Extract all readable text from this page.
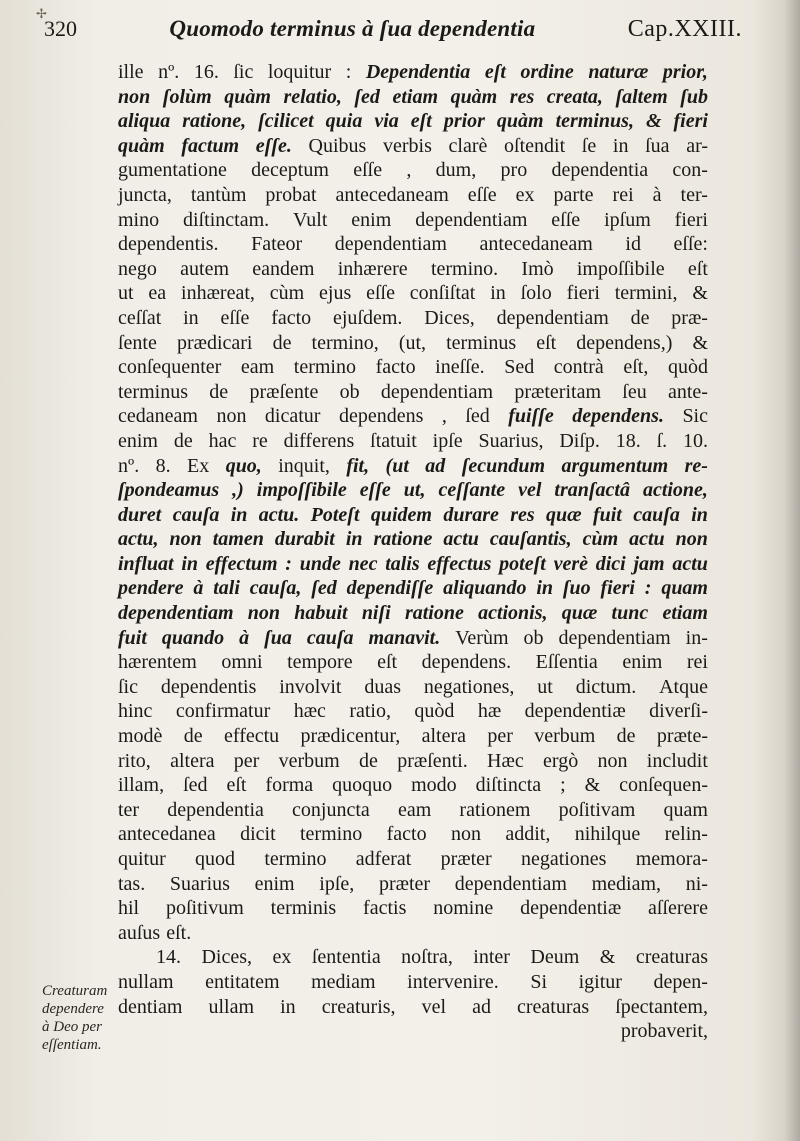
✢
320	Quomodo terminus à ſua dependentia	Cap.XXIII.
ille nº. 16. ſic loquitur : Dependentia eſt ordine naturæ prior,
non ſolùm quàm relatio, ſed etiam quàm res creata, ſaltem ſub
aliqua ratione, ſcilicet quia via eſt prior quàm terminus, & fieri
quàm factum eſſe. Quibus verbis clarè oſtendit ſe in ſua ar-
gumentatione deceptum eſſe , dum, pro dependentia con-
juncta, tantùm probat antecedaneam eſſe ex parte rei à ter-
mino diſtinctam. Vult enim dependentiam eſſe ipſum fieri
dependentis. Fateor dependentiam antecedaneam id eſſe:
nego autem eandem inhærere termino. Imò impoſſibile eſt
ut ea inhæreat, cùm ejus eſſe conſiſtat in ſolo fieri termini, &
ceſſat in eſſe facto ejuſdem. Dices, dependentiam de præ-
ſente prædicari de termino, (ut, terminus eſt dependens,) &
conſequenter eam termino facto ineſſe. Sed contrà eſt, quòd
terminus de præſente ob dependentiam præteritam ſeu ante-
cedaneam non dicatur dependens , ſed fuiſſe dependens. Sic
enim de hac re differens ſtatuit ipſe Suarius, Diſp. 18. ſ. 10.
nº. 8. Ex quo, inquit, fit, (ut ad ſecundum argumentum re-
ſpondeamus ,) impoſſibile eſſe ut, ceſſante vel tranſactâ actione,
duret cauſa in actu. Poteſt quidem durare res quæ fuit cauſa in
actu, non tamen durabit in ratione actu cauſantis, cùm actu non
influat in effectum : unde nec talis effectus poteſt verè dici jam actu
pendere à tali cauſa, ſed dependiſſe aliquando in ſuo fieri : quam
dependentiam non habuit niſi ratione actionis, quæ tunc etiam
fuit quando à ſua cauſa manavit. Verùm ob dependentiam in-
hærentem omni tempore eſt dependens. Eſſentia enim rei
ſic dependentis involvit duas negationes, ut dictum. Atque
hinc confirmatur hæc ratio, quòd hæ dependentiæ diverſi-
modè de effectu prædicentur, altera per verbum de præte-
rito, altera per verbum de præſenti. Hæc ergò non includit
illam, ſed eſt forma quoquo modo diſtincta ; & conſequen-
ter dependentia conjuncta eam rationem poſitivam quam
antecedanea dicit termino facto non addit, nihilque relin-
quitur quod termino adferat præter negationes memora-
tas. Suarius enim ipſe, præter dependentiam mediam, ni-
hil poſitivum terminis factis nomine dependentiæ aſſerere
auſus eſt.
14. Dices, ex ſententia noſtra, inter Deum & creaturas
nullam entitatem mediam intervenire. Si igitur depen-
dentiam ullam in creaturis, vel ad creaturas ſpectantem,
probaverit,
Creaturam
dependere
à Deo per
eſſentiam.
